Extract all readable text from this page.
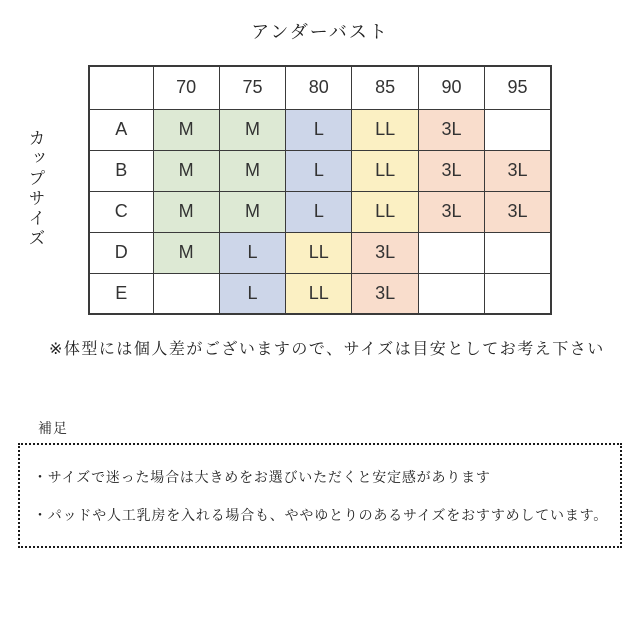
アンダーバスト
カップサイズ
	70	75	80	85	90	95
A	M	M	L	LL	3L	
B	M	M	L	LL	3L	3L
C	M	M	L	LL	3L	3L
D	M	L	LL	3L		
E		L	LL	3L		
※体型には個人差がございますので、サイズは目安としてお考え下さい
補足
・サイズで迷った場合は大きめをお選びいただくと安定感があります
・パッドや人工乳房を入れる場合も、ややゆとりのあるサイズをおすすめしています。
